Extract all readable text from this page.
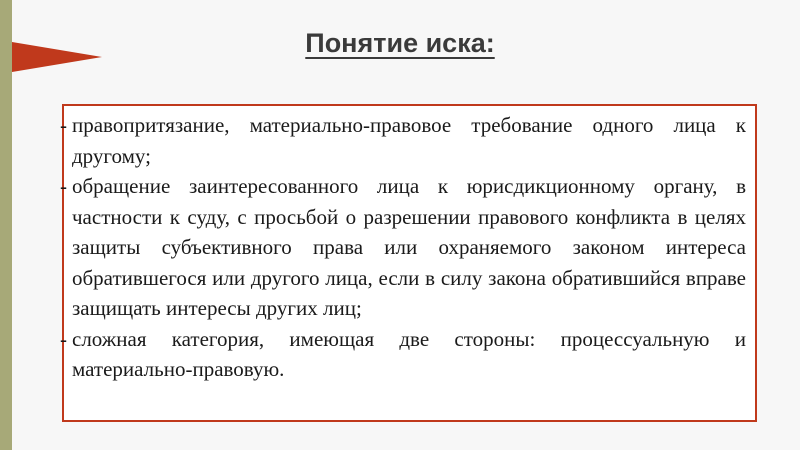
Понятие иска:
- правопритязание, материально-правовое требование одного лица к другому;
- обращение заинтересованного лица к юрисдикционному органу, в частности к суду, с просьбой о разрешении правового конфликта в целях защиты субъективного права или охраняемого законом интереса обратившегося или другого лица, если в силу закона обратившийся вправе защищать интересы других лиц;
- сложная категория, имеющая две стороны: процессуальную и материально-правовую.
